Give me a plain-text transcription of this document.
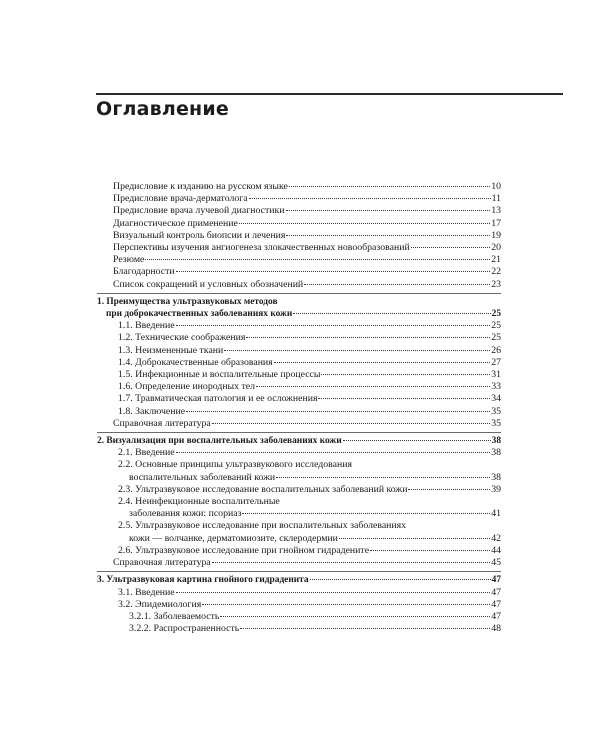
Оглавление
Предисловие к изданию на русском языке	10
Предисловие врача-дерматолога	11
Предисловие врача лучевой диагностики	13
Диагностическое применение	17
Визуальный контроль биопсии и лечения	19
Перспективы изучения ангиогенеза злокачественных новообразований	20
Резюме	21
Благодарности	22
Список сокращений и условных обозначений	23
1. Преимущества ультразвуковых методов
при доброкачественных заболеваниях кожи	25
1.1. Введение	25
1.2. Технические соображения	25
1.3. Неизмененные ткани	26
1.4. Доброкачественные образования	27
1.5. Инфекционные и воспалительные процессы	31
1.6. Определение инородных тел	33
1.7. Травматическая патология и ее осложнения	34
1.8. Заключение	35
Справочная литература	35
2. Визуализация при воспалительных заболеваниях кожи	38
2.1. Введение	38
2.2. Основные принципы ультразвукового исследования
воспалительных заболеваний кожи	38
2.3. Ультразвуковое исследование воспалительных заболеваний кожи	39
2.4. Неинфекционные воспалительные
заболевания кожи: псориаз	41
2.5. Ультразвуковое исследование при воспалительных заболеваниях
кожи — волчанке, дерматомиозите, склеродермии	42
2.6. Ультразвуковое исследование при гнойном гидрадените	44
Справочная литература	45
3. Ультразвуковая картина гнойного гидраденита	47
3.1. Введение	47
3.2. Эпидемиология	47
3.2.1. Заболеваемость	47
3.2.2. Распространенность	48
